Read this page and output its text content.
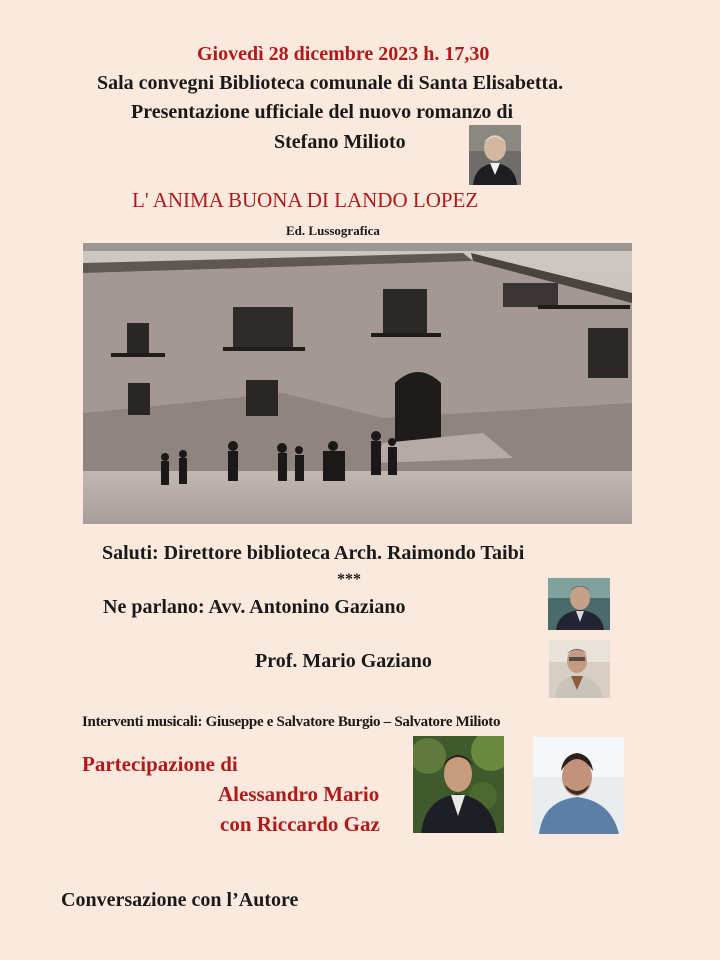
Giovedì 28 dicembre 2023 h. 17,30
Sala convegni Biblioteca comunale di Santa Elisabetta.
Presentazione ufficiale del nuovo romanzo di
Stefano Milioto
L' ANIMA BUONA DI LANDO LOPEZ
Ed. Lussografica
Saluti: Direttore biblioteca Arch. Raimondo Taibi
***
Ne parlano: Avv. Antonino Gaziano
Prof. Mario Gaziano
Interventi musicali: Giuseppe e Salvatore Burgio – Salvatore Milioto
Partecipazione di
Alessandro Mario
con Riccardo Gaz
Conversazione con l’Autore
